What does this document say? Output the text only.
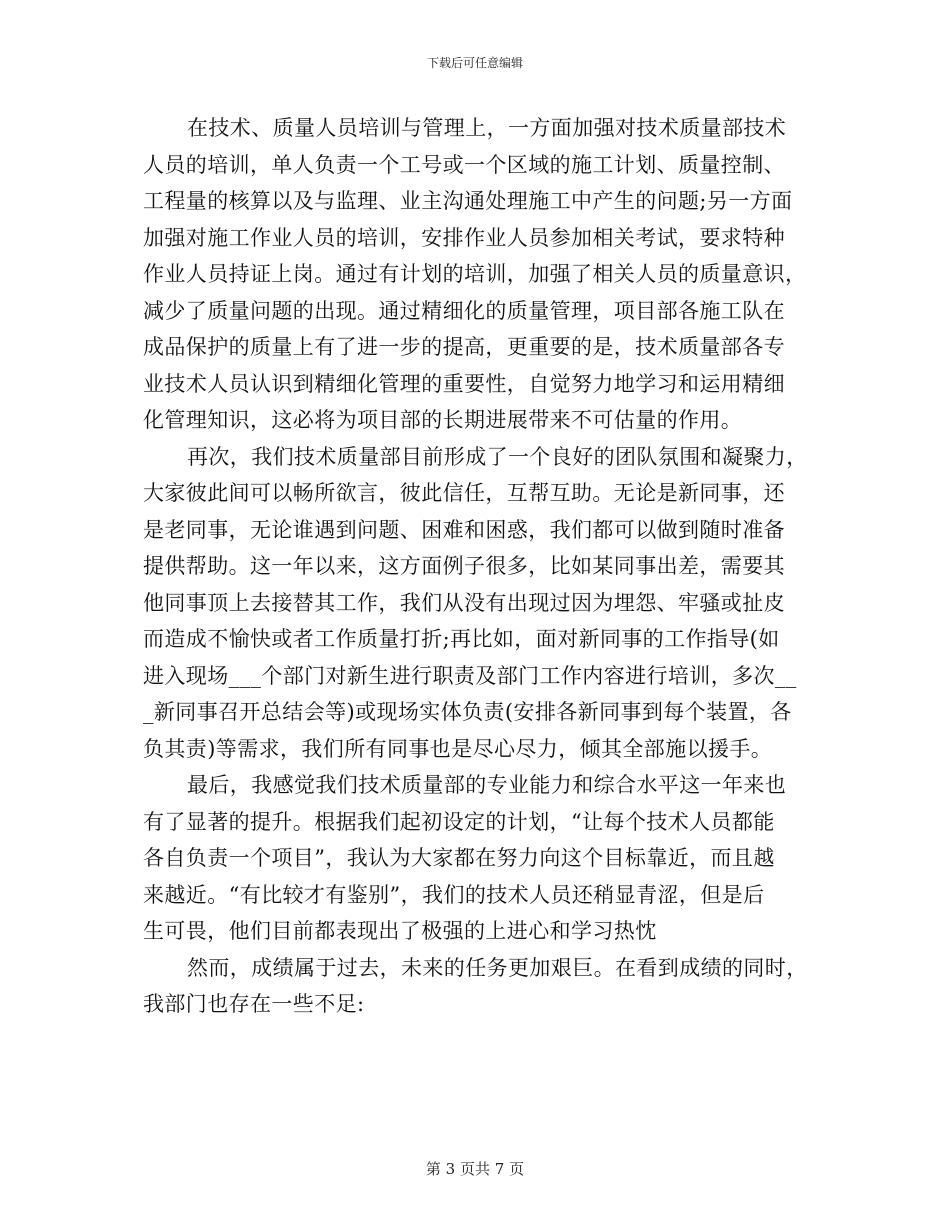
下载后可任意编辑
在技术、质量人员培训与管理上，一方面加强对技术质量部技术
人员的培训，单人负责一个工号或一个区域的施工计划、质量控制、
工程量的核算以及与监理、业主沟通处理施工中产生的问题;另一方面
加强对施工作业人员的培训，安排作业人员参加相关考试，要求特种
作业人员持证上岗。通过有计划的培训，加强了相关人员的质量意识，
减少了质量问题的出现。通过精细化的质量管理，项目部各施工队在
成品保护的质量上有了进一步的提高，更重要的是，技术质量部各专
业技术人员认识到精细化管理的重要性，自觉努力地学习和运用精细
化管理知识，这必将为项目部的长期进展带来不可估量的作用。
再次，我们技术质量部目前形成了一个良好的团队氛围和凝聚力，
大家彼此间可以畅所欲言，彼此信任，互帮互助。无论是新同事，还
是老同事，无论谁遇到问题、困难和困惑，我们都可以做到随时准备
提供帮助。这一年以来，这方面例子很多，比如某同事出差，需要其
他同事顶上去接替其工作，我们从没有出现过因为埋怨、牢骚或扯皮
而造成不愉快或者工作质量打折;再比如，面对新同事的工作指导(如
进入现场___个部门对新生进行职责及部门工作内容进行培训，多次__
_新同事召开总结会等)或现场实体负责(安排各新同事到每个装置，各
负其责)等需求，我们所有同事也是尽心尽力，倾其全部施以援手。
最后，我感觉我们技术质量部的专业能力和综合水平这一年来也
有了显著的提升。根据我们起初设定的计划，“让每个技术人员都能
各自负责一个项目”，我认为大家都在努力向这个目标靠近，而且越
来越近。“有比较才有鉴别”，我们的技术人员还稍显青涩，但是后
生可畏，他们目前都表现出了极强的上进心和学习热忱
然而，成绩属于过去，未来的任务更加艰巨。在看到成绩的同时，
我部门也存在一些不足:
第 3 页共 7 页
